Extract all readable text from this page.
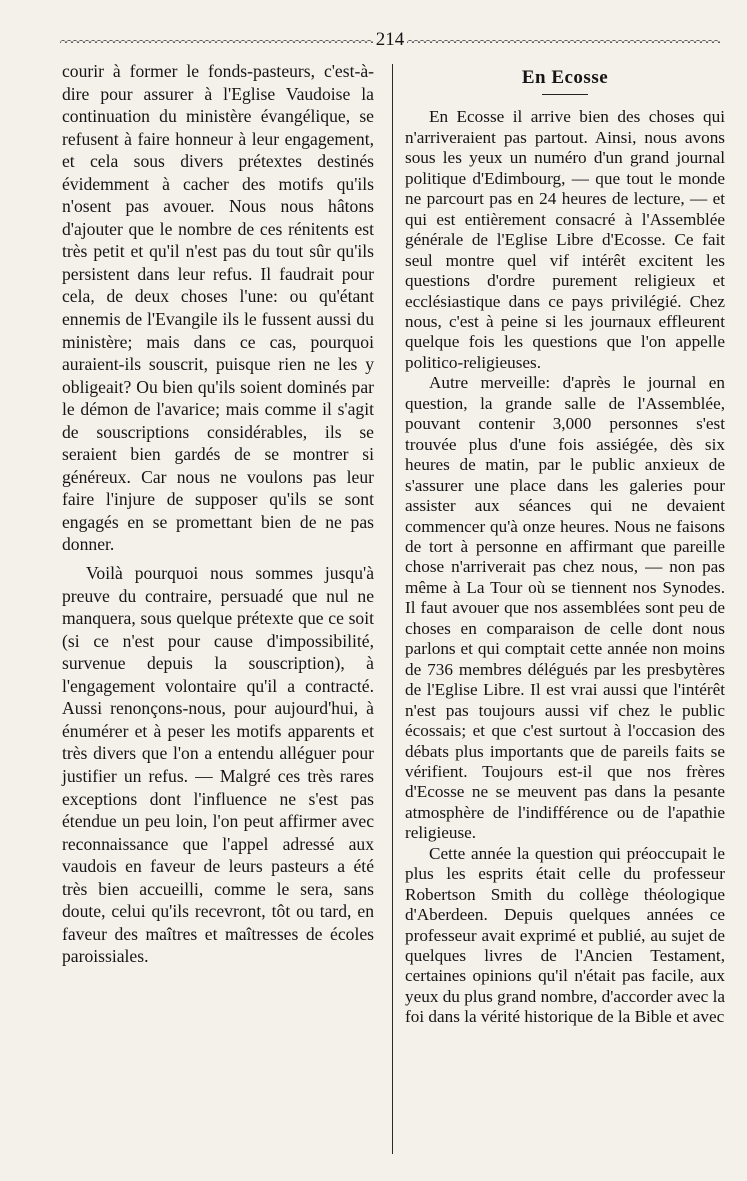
214

courir à former le fonds-pasteurs, c'est-à-dire pour assurer à l'Eglise Vaudoise la continuation du ministère évangélique, se refusent à faire honneur à leur engagement, et cela sous divers prétextes destinés évidemment à cacher des motifs qu'ils n'osent pas avouer. Nous nous hâtons d'ajouter que le nombre de ces rénitents est très petit et qu'il n'est pas du tout sûr qu'ils persistent dans leur refus. Il faudrait pour cela, de deux choses l'une: ou qu'étant ennemis de l'Evangile ils le fussent aussi du ministère; mais dans ce cas, pourquoi auraient-ils souscrit, puisque rien ne les y obligeait? Ou bien qu'ils soient dominés par le démon de l'avarice; mais comme il s'agit de souscriptions considérables, ils se seraient bien gardés de se montrer si généreux. Car nous ne voulons pas leur faire l'injure de supposer qu'ils se sont engagés en se promettant bien de ne pas donner.

Voilà pourquoi nous sommes jusqu'à preuve du contraire, persuadé que nul ne manquera, sous quelque prétexte que ce soit (si ce n'est pour cause d'impossibilité, survenue depuis la souscription), à l'engagement volontaire qu'il a contracté. Aussi renonçons-nous, pour aujourd'hui, à énumérer et à peser les motifs apparents et très divers que l'on a entendu alléguer pour justifier un refus. — Malgré ces très rares exceptions dont l'influence ne s'est pas étendue un peu loin, l'on peut affirmer avec reconnaissance que l'appel adressé aux vaudois en faveur de leurs pasteurs a été très bien accueilli, comme le sera, sans doute, celui qu'ils recevront, tôt ou tard, en faveur des maîtres et maîtresses de écoles paroissiales.

En Ecosse

En Ecosse il arrive bien des choses qui n'arriveraient pas partout. Ainsi, nous avons sous les yeux un numéro d'un grand journal politique d'Edimbourg, — que tout le monde ne parcourt pas en 24 heures de lecture, — et qui est entièrement consacré à l'Assemblée générale de l'Eglise Libre d'Ecosse. Ce fait seul montre quel vif intérêt excitent les questions d'ordre purement religieux et ecclésiastique dans ce pays privilégié. Chez nous, c'est à peine si les journaux effleurent quelque fois les questions que l'on appelle politico-religieuses.

Autre merveille: d'après le journal en question, la grande salle de l'Assemblée, pouvant contenir 3,000 personnes s'est trouvée plus d'une fois assiégée, dès six heures de matin, par le public anxieux de s'assurer une place dans les galeries pour assister aux séances qui ne devaient commencer qu'à onze heures. Nous ne faisons de tort à personne en affirmant que pareille chose n'arriverait pas chez nous, — non pas même à La Tour où se tiennent nos Synodes. Il faut avouer que nos assemblées sont peu de choses en comparaison de celle dont nous parlons et qui comptait cette année non moins de 736 membres délégués par les presbytères de l'Eglise Libre. Il est vrai aussi que l'intérêt n'est pas toujours aussi vif chez le public écossais; et que c'est surtout à l'occasion des débats plus importants que de pareils faits se vérifient. Toujours est-il que nos frères d'Ecosse ne se meuvent pas dans la pesante atmosphère de l'indifférence ou de l'apathie religieuse.

Cette année la question qui préoccupait le plus les esprits était celle du professeur Robertson Smith du collège théologique d'Aberdeen. Depuis quelques années ce professeur avait exprimé et publié, au sujet de quelques livres de l'Ancien Testament, certaines opinions qu'il n'était pas facile, aux yeux du plus grand nombre, d'accorder avec la foi dans la vérité historique de la Bible et avec
